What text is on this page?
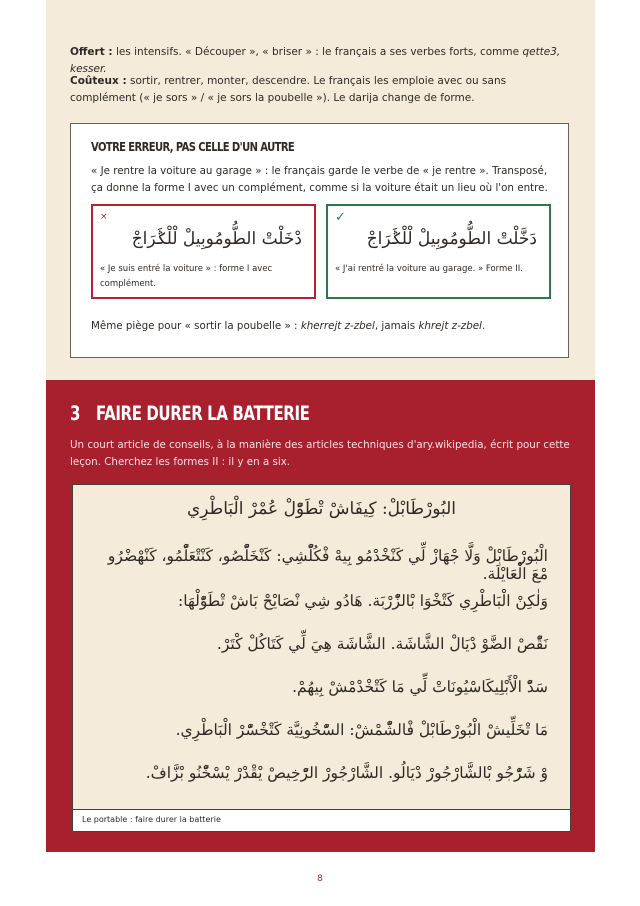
Offert : les intensifs. « Découper », « briser » : le français a ses verbes forts, comme qette3, kesser.

Coûteux : sortir, rentrer, monter, descendre. Le français les emploie avec ou sans complément (« je sors » / « je sors la poubelle »). Le darija change de forme.

VOTRE ERREUR, PAS CELLE D'UN AUTRE
« Je rentre la voiture au garage » : le français garde le verbe de « je rentre ». Transposé, ça donne la forme I avec un complément, comme si la voiture était un lieu où l'on entre.
×
دْخَلْتْ الطُّومُوبِيلْ لْلْݣَرَاجْ
« Je suis entré la voiture » : forme I avec complément.
✓
دَخَّلْتْ الطُّومُوبِيلْ لْلْݣَرَاجْ
« J'ai rentré la voiture au garage. » Forme II.
Même piège pour « sortir la poubelle » : kherrejt z-zbel, jamais khrejt z-zbel.
3 FAIRE DURER LA BATTERIE
Un court article de conseils, à la manière des articles techniques d'ary.wikipedia, écrit pour cette leçon. Cherchez les formes II : il y en a six.
البُورْطَابْلْ: كِيفَاشْ تْطَوّْلْ عُمْرْ الْبَاطْرِي
الْبُورْطَابْلْ وَلَّا جْهَازْ لِّي كَنْخْدْمُو بِيهْ فْكُلّْشِي: كَنْخَلّْصُو، كَنْتْعَلّْمُو، كَنْهْضْرُو مْعَ الْعَايْلَة.
وَلٰكِنْ الْبَاطْرِي كَتْخْوَا بْالزّْرْبَة. هَادُو شِي نْصَايْحْ بَاشْ تْطَوّْلْهَا:
نَقّْصْ الضَّوْ دْيَالْ الشَّاشَة. الشَّاشَة هِيَ لِّي كَتَاكُلْ كْتَرْ.
سَدّْ الْأَبْلِيكَاسْيُونَاتْ لِّي مَا كَتْخْدْمْشْ بِيهُمْ.
مَا تْخَلِّيشْ الْبُورْطَابْلْ فْالشّْمْشْ: السّْخُونِيَّة كَتْخْسّْرْ الْبَاطْرِي.
وْ شَرّْجُو بْالشَّارْجُورْ دْيَالُو. الشَّارْجُورْ الرّْخِيصْ يْقْدْرْ يْسْخّْنُو بْزَّافْ.
Le portable : faire durer la batterie
8
